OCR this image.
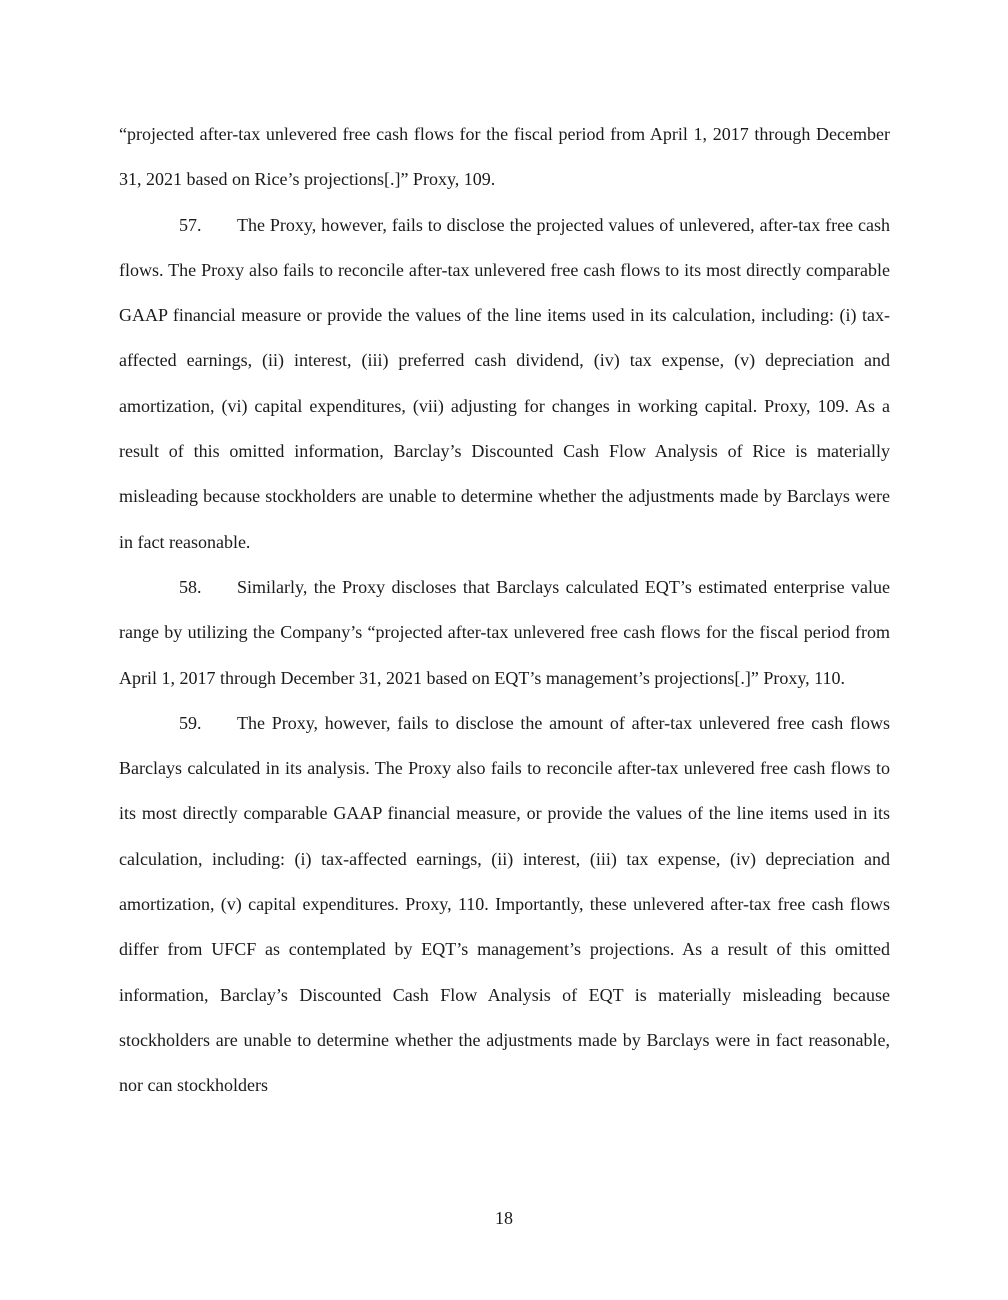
“projected after-tax unlevered free cash flows for the fiscal period from April 1, 2017 through December 31, 2021 based on Rice’s projections[.]” Proxy, 109.

57. The Proxy, however, fails to disclose the projected values of unlevered, after-tax free cash flows. The Proxy also fails to reconcile after-tax unlevered free cash flows to its most directly comparable GAAP financial measure or provide the values of the line items used in its calculation, including: (i) tax-affected earnings, (ii) interest, (iii) preferred cash dividend, (iv) tax expense, (v) depreciation and amortization, (vi) capital expenditures, (vii) adjusting for changes in working capital. Proxy, 109. As a result of this omitted information, Barclay’s Discounted Cash Flow Analysis of Rice is materially misleading because stockholders are unable to determine whether the adjustments made by Barclays were in fact reasonable.

58. Similarly, the Proxy discloses that Barclays calculated EQT’s estimated enterprise value range by utilizing the Company’s “projected after-tax unlevered free cash flows for the fiscal period from April 1, 2017 through December 31, 2021 based on EQT’s management’s projections[.]” Proxy, 110.

59. The Proxy, however, fails to disclose the amount of after-tax unlevered free cash flows Barclays calculated in its analysis. The Proxy also fails to reconcile after-tax unlevered free cash flows to its most directly comparable GAAP financial measure, or provide the values of the line items used in its calculation, including: (i) tax-affected earnings, (ii) interest, (iii) tax expense, (iv) depreciation and amortization, (v) capital expenditures. Proxy, 110. Importantly, these unlevered after-tax free cash flows differ from UFCF as contemplated by EQT’s management’s projections. As a result of this omitted information, Barclay’s Discounted Cash Flow Analysis of EQT is materially misleading because stockholders are unable to determine whether the adjustments made by Barclays were in fact reasonable, nor can stockholders

18
